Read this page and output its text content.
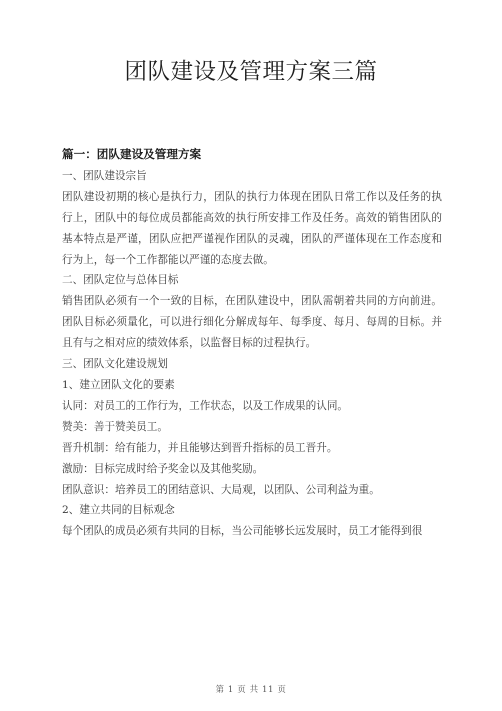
团队建设及管理方案三篇

篇一：团队建设及管理方案

一、团队建设宗旨

团队建设初期的核心是执行力，团队的执行力体现在团队日常工作以及任务的执行上，团队中的每位成员都能高效的执行所安排工作及任务。高效的销售团队的基本特点是严谨，团队应把严谨视作团队的灵魂，团队的严谨体现在工作态度和行为上，每一个工作都能以严谨的态度去做。

二、团队定位与总体目标

销售团队必须有一个一致的目标，在团队建设中，团队需朝着共同的方向前进。团队目标必须量化，可以进行细化分解成每年、每季度、每月、每周的目标。并且有与之相对应的绩效体系，以监督目标的过程执行。

三、团队文化建设规划

1、建立团队文化的要素

认同：对员工的工作行为，工作状态，以及工作成果的认同。

赞美：善于赞美员工。

晋升机制：给有能力，并且能够达到晋升指标的员工晋升。

激励：目标完成时给予奖金以及其他奖励。

团队意识：培养员工的团结意识、大局观，以团队、公司利益为重。

2、建立共同的目标观念

每个团队的成员必须有共同的目标，当公司能够长远发展时，员工才能得到很

第 1 页 共 11 页
